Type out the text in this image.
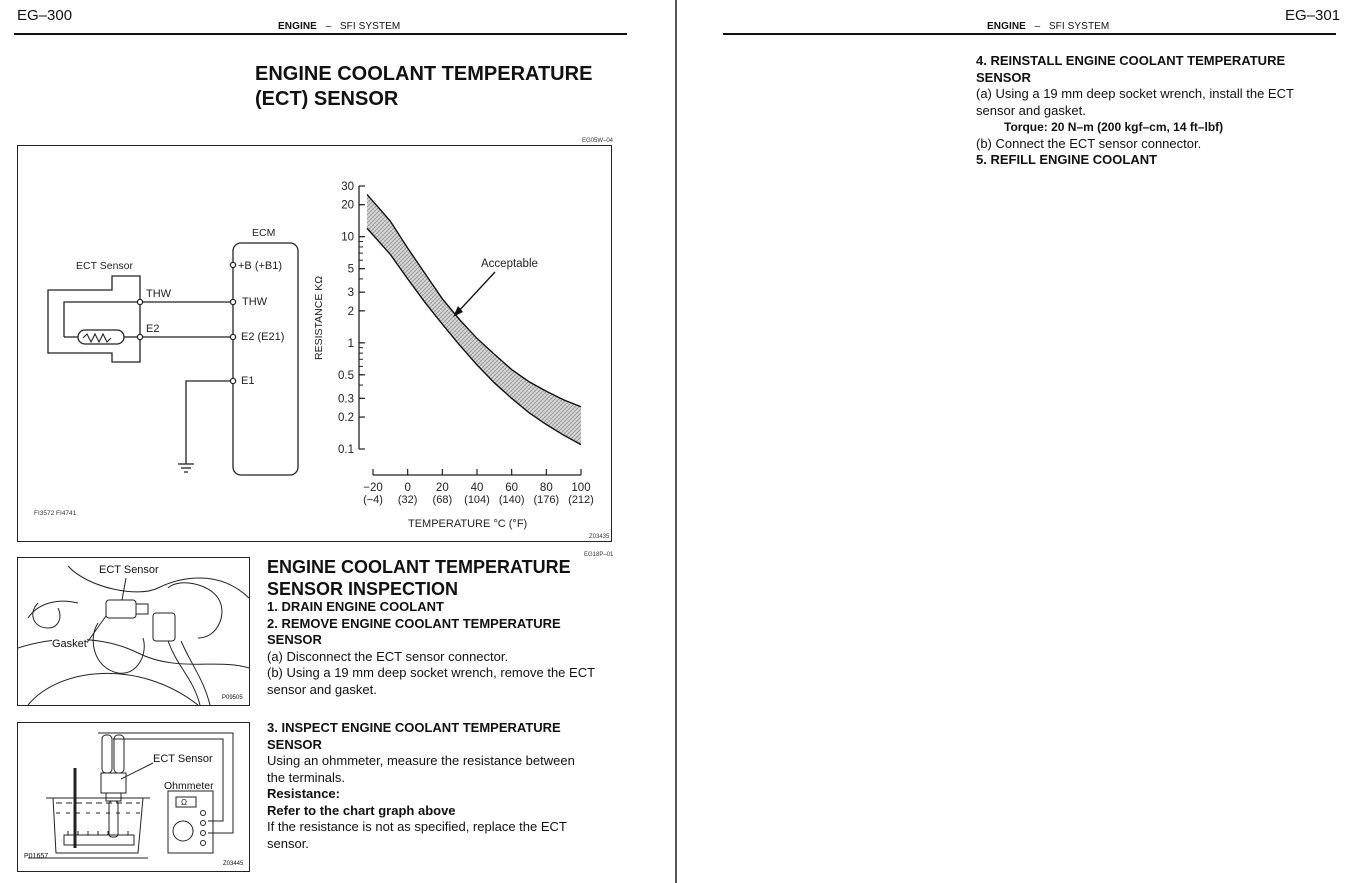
EG–300
ENGINE – SFI SYSTEM
ENGINE COOLANT TEMPERATURE
(ECT) SENSOR
EG05W–04
ECT Sensor
ECM
THW
E2
+B (+B1)
THW
E2 (E21)
E1
FI3572 FI4741
30
20
10
5
3
2
1
0.5
0.3
0.2
0.1
−20
(−4)
0
(32)
20
(68)
40
(104)
60
(140)
80
(176)
100
(212)
Acceptable
RESISTANCE KΩ
TEMPERATURE °C (°F)
Z03435
EG18P–01
ENGINE COOLANT TEMPERATURE
SENSOR INSPECTION
ECT Sensor
Gasket
P09505
1. DRAIN ENGINE COOLANT
2. REMOVE ENGINE COOLANT TEMPERATURE
SENSOR
(a) Disconnect the ECT sensor connector.
(b) Using a 19 mm deep socket wrench, remove the ECT
sensor and gasket.
Ω
ECT Sensor
Ohmmeter
P01657
Z03445
3. INSPECT ENGINE COOLANT TEMPERATURE
SENSOR
Using an ohmmeter, measure the resistance between
the terminals.
Resistance:
Refer to the chart graph above
If the resistance is not as specified, replace the ECT
sensor.
EG–301
ENGINE – SFI SYSTEM
4. REINSTALL ENGINE COOLANT TEMPERATURE
SENSOR
(a) Using a 19 mm deep socket wrench, install the ECT
sensor and gasket.
Torque: 20 N–m (200 kgf–cm, 14 ft–lbf)
(b) Connect the ECT sensor connector.
5. REFILL ENGINE COOLANT
